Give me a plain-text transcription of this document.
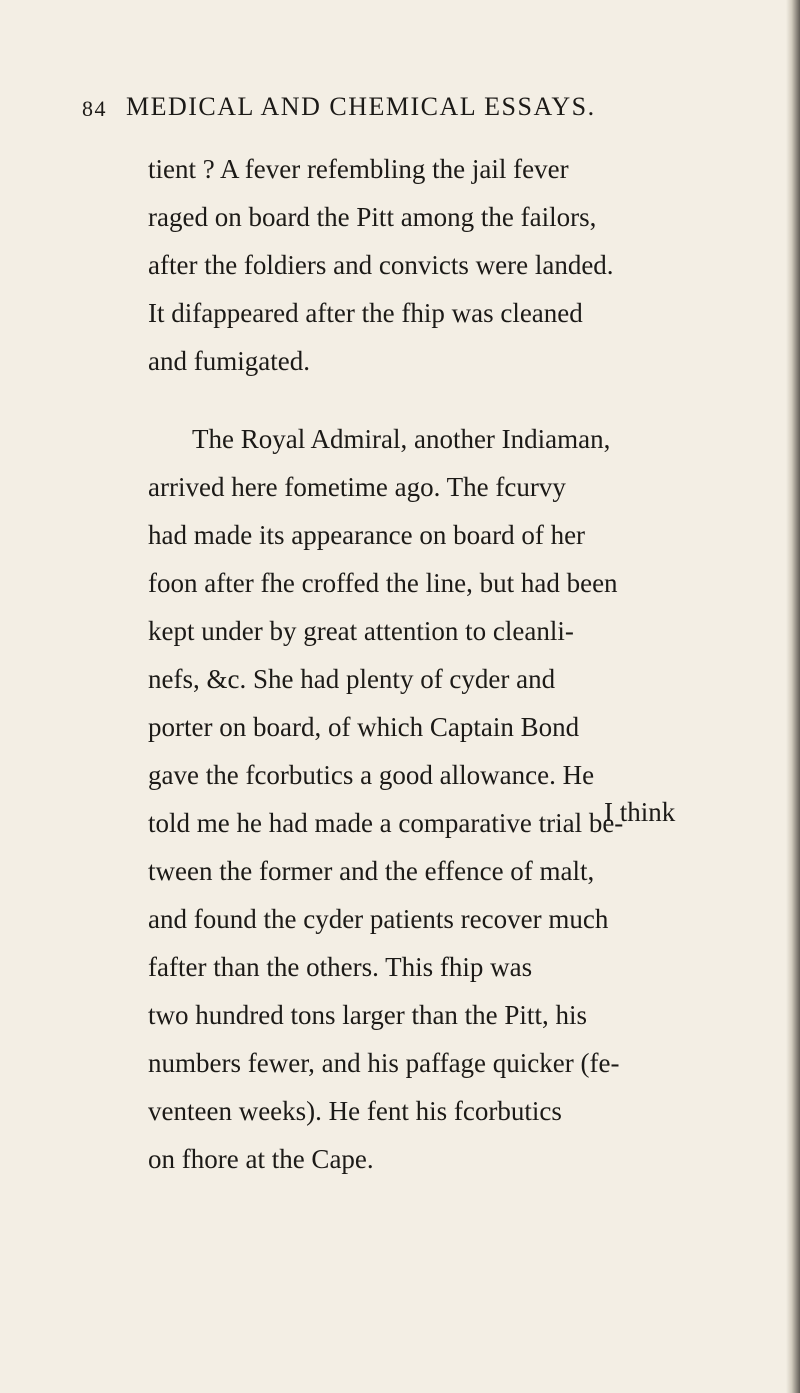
84 MEDICAL AND CHEMICAL ESSAYS.
tient ? A fever refembling the jail fever
raged on board the Pitt among the failors,
after the foldiers and convicts were landed.
It difappeared after the fhip was cleaned
and fumigated.
The Royal Admiral, another Indiaman,
arrived here fometime ago. The fcurvy
had made its appearance on board of her
foon after fhe croffed the line, but had been
kept under by great attention to cleanli-
nefs, &c. She had plenty of cyder and
porter on board, of which Captain Bond
gave the fcorbutics a good allowance. He
told me he had made a comparative trial be-
tween the former and the effence of malt,
and found the cyder patients recover much
fafter than the others. This fhip was
two hundred tons larger than the Pitt, his
numbers fewer, and his paffage quicker (fe-
venteen weeks). He fent his fcorbutics
on fhore at the Cape.
I think
